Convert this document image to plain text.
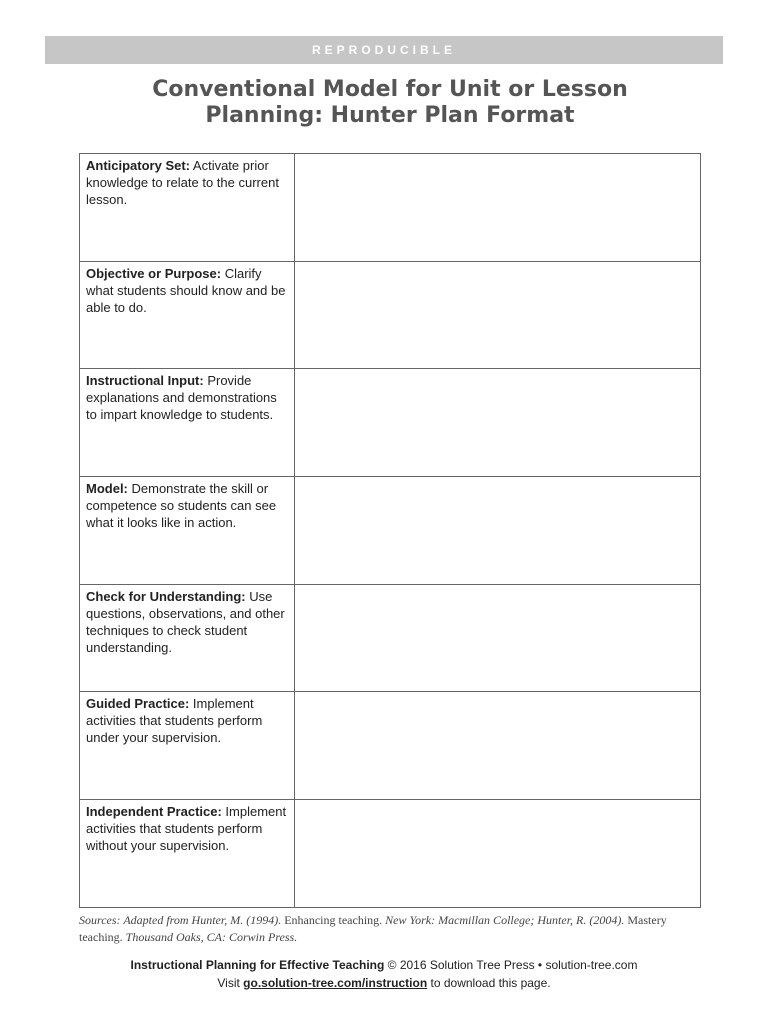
REPRODUCIBLE
Conventional Model for Unit or Lesson
Planning: Hunter Plan Format
Anticipatory Set: Activate prior knowledge to relate to the current lesson.	
Objective or Purpose: Clarify what students should know and be able to do.	
Instructional Input: Provide explanations and demonstrations to impart knowledge to students.	
Model: Demonstrate the skill or competence so students can see what it looks like in action.	
Check for Understanding: Use questions, observations, and other techniques to check student understanding.	
Guided Practice: Implement activities that students perform under your supervision.	
Independent Practice: Implement activities that students perform without your supervision.	
Sources: Adapted from Hunter, M. (1994). Enhancing teaching. New York: Macmillan College; Hunter, R. (2004). Mastery teaching. Thousand Oaks, CA: Corwin Press.
Instructional Planning for Effective Teaching © 2016 Solution Tree Press • solution-tree.com
Visit go.solution-tree.com/instruction to download this page.
